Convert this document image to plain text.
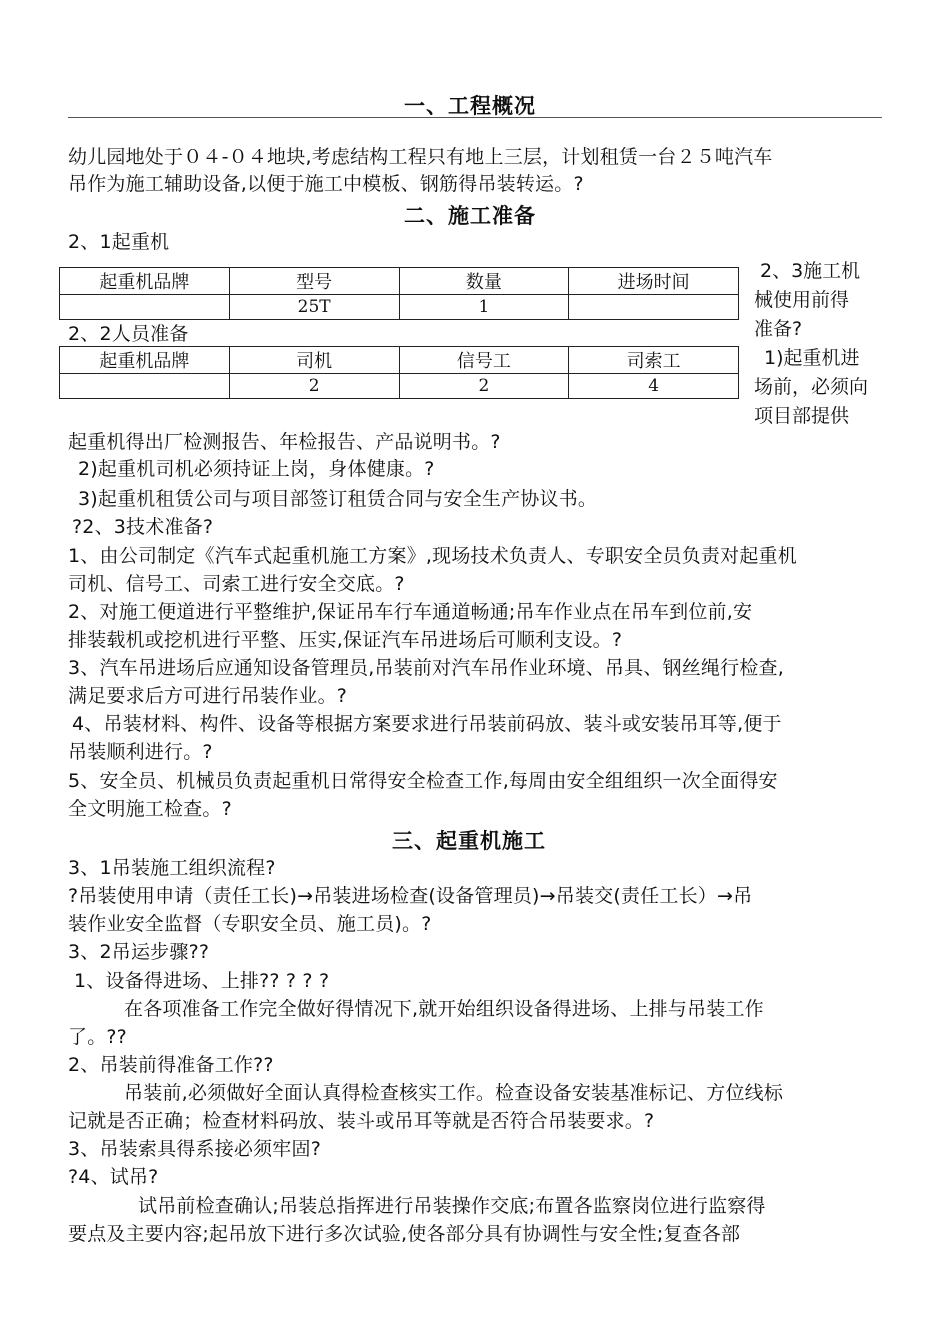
一、工程概况
幼儿园地处于０４-０４地块,考虑结构工程只有地上三层，计划租赁一台２５吨汽车
吊作为施工辅助设备,以便于施工中模板、钢筋得吊装转运。?
二、施工准备
2、1起重机
起重机品牌	型号	数量	进场时间
	25T	1	
2、2人员准备
起重机品牌	司机	信号工	司索工
	2	2	4
2、3施工机
械使用前得
准备?
1)起重机进
场前，必须向
项目部提供
起重机得出厂检测报告、年检报告、产品说明书。?
2)起重机司机必须持证上岗，身体健康。?
3)起重机租赁公司与项目部签订租赁合同与安全生产协议书。
?2、3技术准备?
1、由公司制定《汽车式起重机施工方案》,现场技术负责人、专职安全员负责对起重机
司机、信号工、司索工进行安全交底。?
2、对施工便道进行平整维护,保证吊车行车通道畅通;吊车作业点在吊车到位前,安
排装载机或挖机进行平整、压实,保证汽车吊进场后可顺利支设。?
3、汽车吊进场后应通知设备管理员,吊装前对汽车吊作业环境、吊具、钢丝绳行检查,
满足要求后方可进行吊装作业。?
4、吊装材料、构件、设备等根据方案要求进行吊装前码放、装斗或安装吊耳等,便于
吊装顺利进行。?
5、安全员、机械员负责起重机日常得安全检查工作,每周由安全组组织一次全面得安
全文明施工检查。?
三、起重机施工
3、1吊装施工组织流程?
?吊装使用申请（责任工长)→吊装进场检查(设备管理员)→吊装交(责任工长）→吊
装作业安全监督（专职安全员、施工员)。?
3、2吊运步骤??
1、设备得进场、上排?? ? ? ?
在各项准备工作完全做好得情况下,就开始组织设备得进场、上排与吊装工作
了。??
2、吊装前得准备工作??
吊装前,必须做好全面认真得检查核实工作。检查设备安装基准标记、方位线标
记就是否正确；检查材料码放、装斗或吊耳等就是否符合吊装要求。?
3、吊装索具得系接必须牢固?
?4、试吊?
试吊前检查确认;吊装总指挥进行吊装操作交底;布置各监察岗位进行监察得
要点及主要内容;起吊放下进行多次试验,使各部分具有协调性与安全性;复查各部
